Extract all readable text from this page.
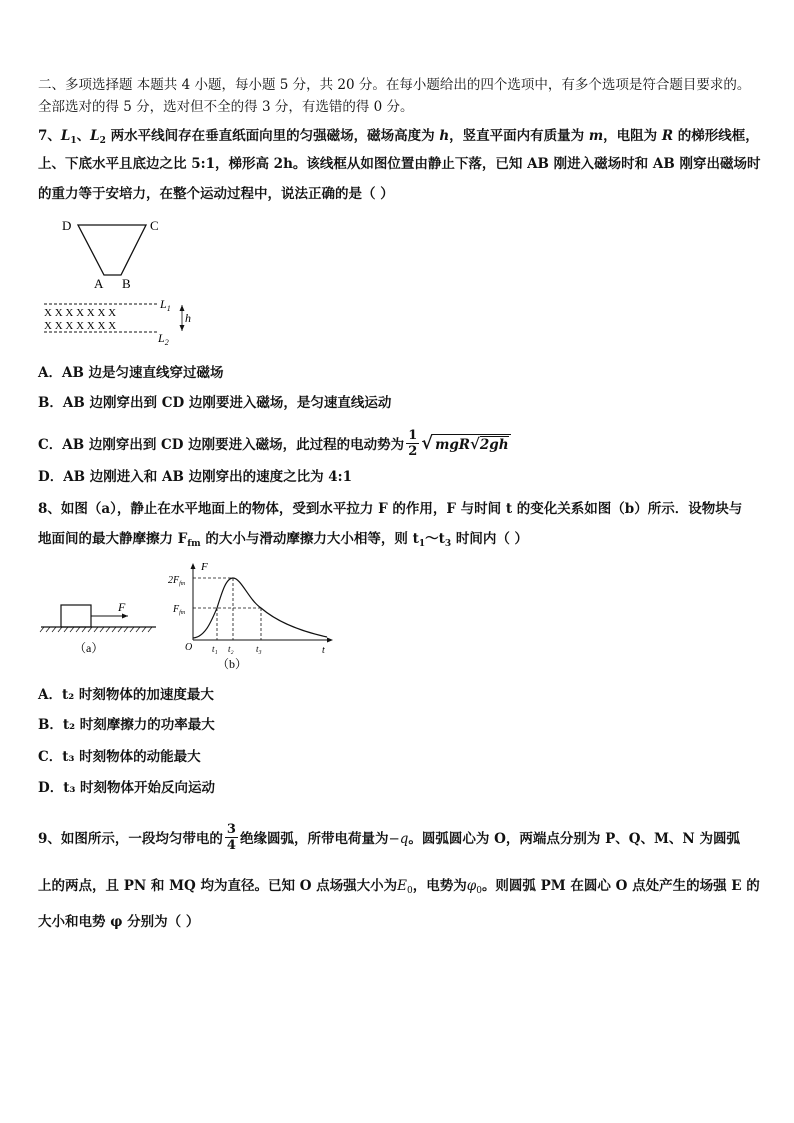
二、多项选择题 本题共 4 小题，每小题 5 分，共 20 分。在每小题给出的四个选项中，有多个选项是符合题目要求的。
全部选对的得 5 分，选对但不全的得 3 分，有选错的得 0 分。
7、$L_1$、$L_2$ 两水平线间存在垂直纸面向里的匀强磁场，磁场高度为 h，竖直平面内有质量为 m，电阻为 R 的梯形线框，
上、下底水平且底边之比 5:1，梯形高 2h。该线框从如图位置由静止下落，已知 AB 刚进入磁场时和 AB 刚穿出磁场时
的重力等于安培力，在整个运动过程中，说法正确的是（ ）
D	C
A B
X X X X X X X
X X X X X X X
$L_1$
$L_2$
h
A．AB 边是匀速直线穿过磁场
B．AB 边刚穿出到 CD 边刚要进入磁场，是匀速直线运动
C．AB 边刚穿出到 CD 边刚要进入磁场，此过程的电动势为 $\frac{1}{2}$ √ mgR√2gh
D．AB 边刚进入和 AB 边刚穿出的速度之比为 4:1
8、如图（a），静止在水平地面上的物体，受到水平拉力 F 的作用，F 与时间 t 的变化关系如图（b）所示．设物块与
地面间的最大静摩擦力 $F_{fm}$ 的大小与滑动摩擦力大小相等，则 $t_1\sim t_3$ 时间内（ ）
F
（a）
F
$2F_{fm}$
$F_{fm}$
O t₁ t₂ t₃	t
（b）
A．t₂ 时刻物体的加速度最大
B．t₂ 时刻摩擦力的功率最大
C．t₃ 时刻物体的动能最大
D．t₃ 时刻物体开始反向运动
9、如图所示，一段均匀带电的 $\frac{3}{4}$ 绝缘圆弧，所带电荷量为−q。圆弧圆心为 O，两端点分别为 P、Q、M、N 为圆弧
上的两点，且 PN 和 MQ 均为直径。已知 O 点场强大小为$E_0$，电势为$\varphi_0$。则圆弧 PM 在圆心 O 点处产生的场强 E 的
大小和电势 φ 分别为（ ）
